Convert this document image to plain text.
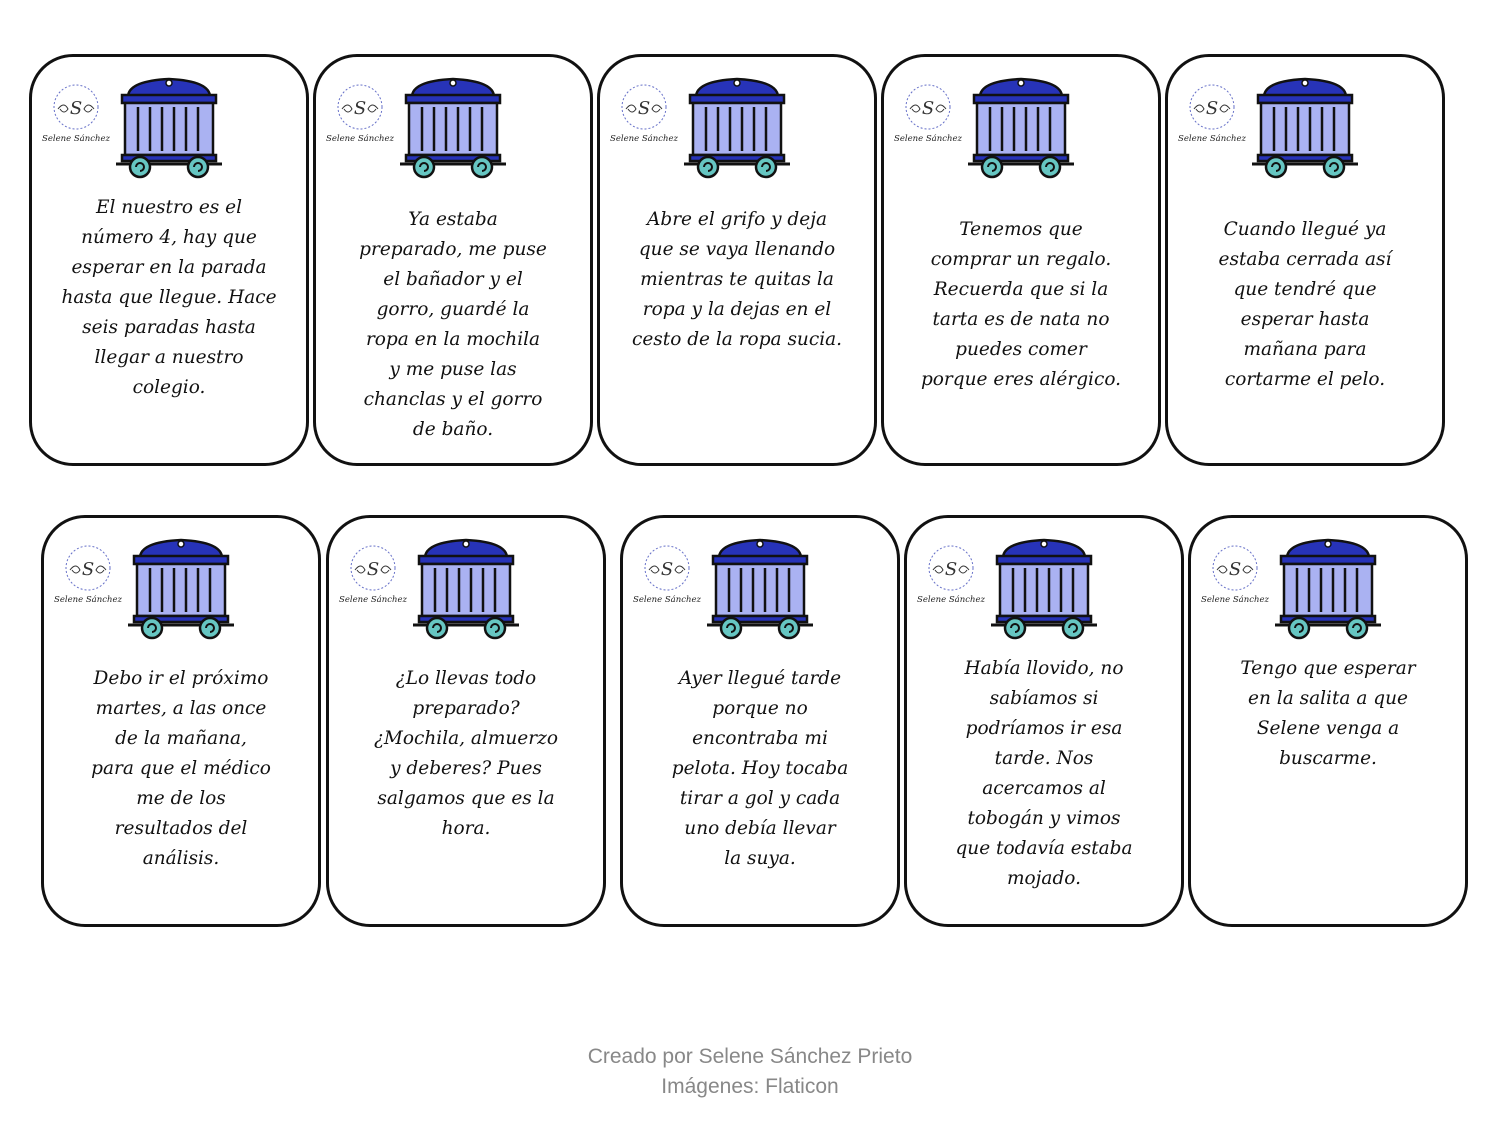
S
Selene Sánchez
El nuestro es el
número 4, hay que
esperar en la parada
hasta que llegue. Hace
seis paradas hasta
llegar a nuestro
colegio.
S
Selene Sánchez
Ya estaba
preparado, me puse
el bañador y el
gorro, guardé la
ropa en la mochila
y me puse las
chanclas y el gorro
de baño.
S
Selene Sánchez
Abre el grifo y deja
que se vaya llenando
mientras te quitas la
ropa y la dejas en el
cesto de la ropa sucia.
S
Selene Sánchez
Tenemos que
comprar un regalo.
Recuerda que si la
tarta es de nata no
puedes comer
porque eres alérgico.
S
Selene Sánchez
Cuando llegué ya
estaba cerrada así
que tendré que
esperar hasta
mañana para
cortarme el pelo.
S
Selene Sánchez
Debo ir el próximo
martes, a las once
de la mañana,
para que el médico
me de los
resultados del
análisis.
S
Selene Sánchez
¿Lo llevas todo
preparado?
¿Mochila, almuerzo
y deberes? Pues
salgamos que es la
hora.
S
Selene Sánchez
Ayer llegué tarde
porque no
encontraba mi
pelota. Hoy tocaba
tirar a gol y cada
uno debía llevar
la suya.
S
Selene Sánchez
Había llovido, no
sabíamos si
podríamos ir esa
tarde. Nos
acercamos al
tobogán y vimos
que todavía estaba
mojado.
S
Selene Sánchez
Tengo que esperar
en la salita a que
Selene venga a
buscarme.
Creado por Selene Sánchez Prieto
Imágenes: Flaticon
